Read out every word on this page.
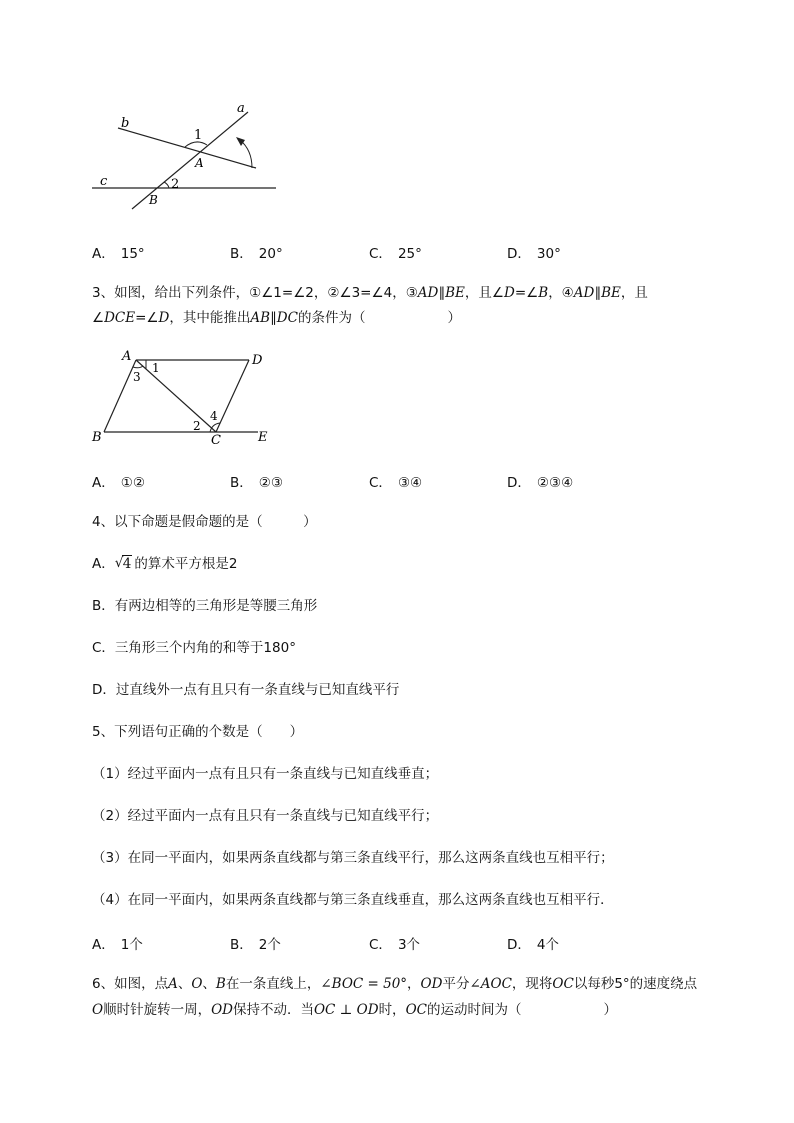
a
b
c
1
A
2
B
A． 15°	B． 20°	C． 25°	D． 30°
3、如图，给出下列条件，①∠1=∠2，②∠3=∠4，③AD∥BE，且∠D=∠B，④AD∥BE，且
∠DCE=∠D，其中能推出AB∥DC的条件为（	）
A	D
1
3
4
2
B	C	E
A． ①②	B． ②③	C． ③④	D． ②③④
4、以下命题是假命题的是（　　　）
A． √ 4 的算术平方根是2
B．有两边相等的三角形是等腰三角形
C．三角形三个内角的和等于180°
D．过直线外一点有且只有一条直线与已知直线平行
5、下列语句正确的个数是（　　）
（1）经过平面内一点有且只有一条直线与已知直线垂直；
（2）经过平面内一点有且只有一条直线与已知直线平行；
（3）在同一平面内，如果两条直线都与第三条直线平行，那么这两条直线也互相平行；
（4）在同一平面内，如果两条直线都与第三条直线垂直，那么这两条直线也互相平行．
A． 1个	B． 2个	C． 3个	D． 4个
6、如图，点A、O、B在一条直线上，∠BOC = 50°，OD平分∠AOC，现将OC以每秒5°的速度绕点
O顺时针旋转一周，OD保持不动．当OC ⊥ OD时，OC的运动时间为（	）
